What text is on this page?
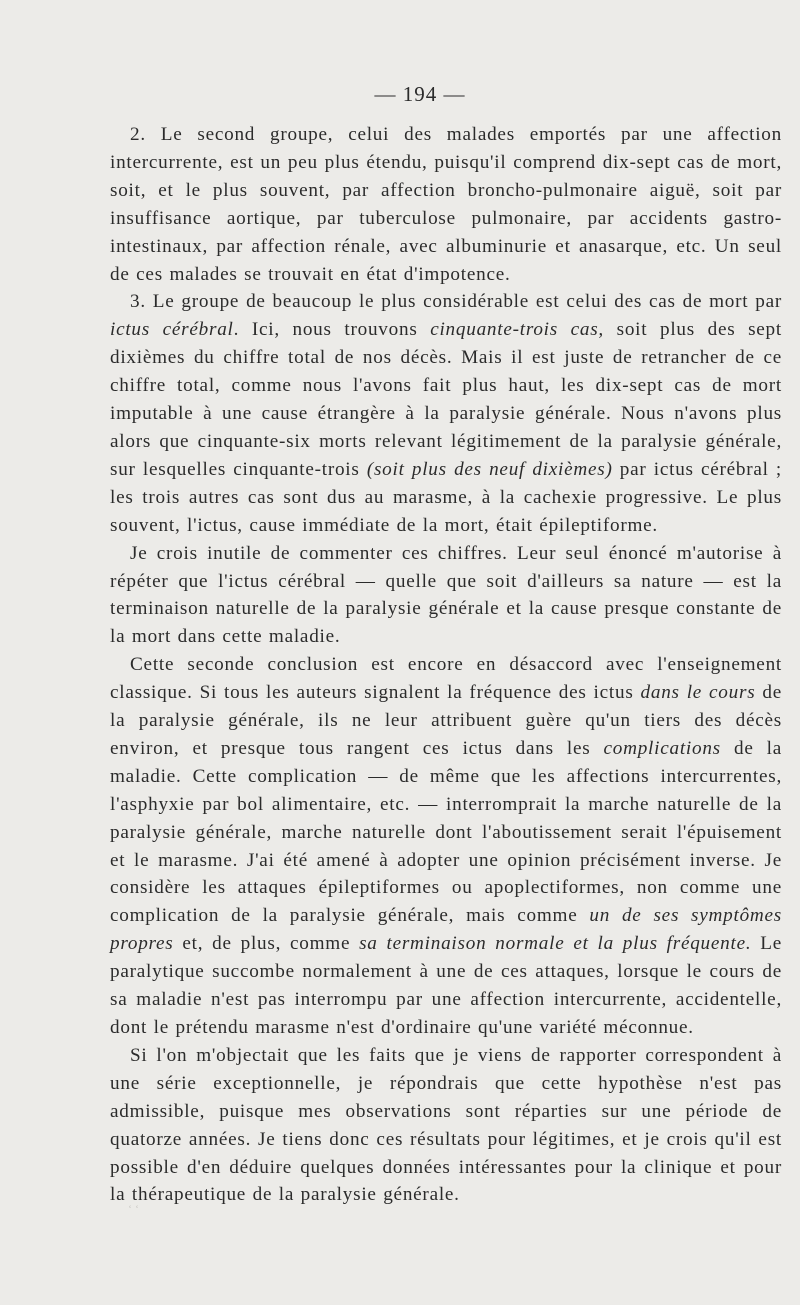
— 194 —

2. Le second groupe, celui des malades emportés par une affection intercurrente, est un peu plus étendu, puisqu'il comprend dix-sept cas de mort, soit, et le plus souvent, par affection broncho-pulmonaire aiguë, soit par insuffisance aortique, par tuberculose pulmonaire, par accidents gastro-intestinaux, par affection rénale, avec albuminurie et anasarque, etc. Un seul de ces malades se trouvait en état d'impotence.

3. Le groupe de beaucoup le plus considérable est celui des cas de mort par ictus cérébral. Ici, nous trouvons cinquante-trois cas, soit plus des sept dixièmes du chiffre total de nos décès. Mais il est juste de retrancher de ce chiffre total, comme nous l'avons fait plus haut, les dix-sept cas de mort imputable à une cause étrangère à la paralysie générale. Nous n'avons plus alors que cinquante-six morts relevant légitimement de la paralysie générale, sur lesquelles cinquante-trois (soit plus des neuf dixièmes) par ictus cérébral ; les trois autres cas sont dus au marasme, à la cachexie progressive. Le plus souvent, l'ictus, cause immédiate de la mort, était épileptiforme.

Je crois inutile de commenter ces chiffres. Leur seul énoncé m'autorise à répéter que l'ictus cérébral — quelle que soit d'ailleurs sa nature — est la terminaison naturelle de la paralysie générale et la cause presque constante de la mort dans cette maladie.

Cette seconde conclusion est encore en désaccord avec l'enseignement classique. Si tous les auteurs signalent la fréquence des ictus dans le cours de la paralysie générale, ils ne leur attribuent guère qu'un tiers des décès environ, et presque tous rangent ces ictus dans les complications de la maladie. Cette complication — de même que les affections intercurrentes, l'asphyxie par bol alimentaire, etc. — interromprait la marche naturelle de la paralysie générale, marche naturelle dont l'aboutissement serait l'épuisement et le marasme. J'ai été amené à adopter une opinion précisément inverse. Je considère les attaques épileptiformes ou apoplectiformes, non comme une complication de la paralysie générale, mais comme un de ses symptômes propres et, de plus, comme sa terminaison normale et la plus fréquente. Le paralytique succombe normalement à une de ces attaques, lorsque le cours de sa maladie n'est pas interrompu par une affection intercurrente, accidentelle, dont le prétendu marasme n'est d'ordinaire qu'une variété méconnue.

Si l'on m'objectait que les faits que je viens de rapporter correspondent à une série exceptionnelle, je répondrais que cette hypothèse n'est pas admissible, puisque mes observations sont réparties sur une période de quatorze années. Je tiens donc ces résultats pour légitimes, et je crois qu'il est possible d'en déduire quelques données intéressantes pour la clinique et pour la thérapeutique de la paralysie générale.

ʿ ʿ
